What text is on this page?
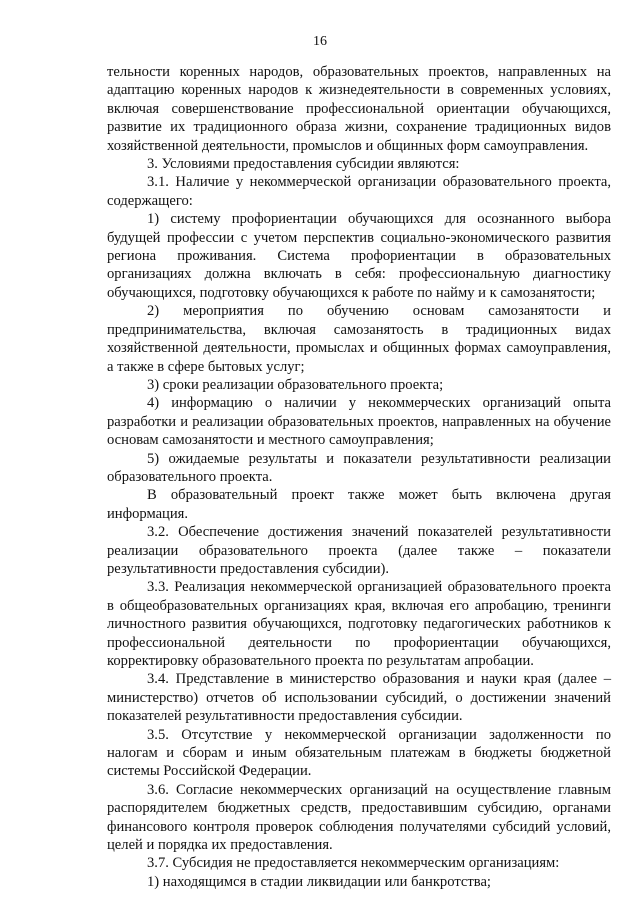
16

тельности коренных народов, образовательных проектов, направленных на адаптацию коренных народов к жизнедеятельности в современных условиях, включая совершенствование профессиональной ориентации обучающихся, развитие их традиционного образа жизни, сохранение традиционных видов хозяйственной деятельности, промыслов и общинных форм самоуправления.

3. Условиями предоставления субсидии являются:

3.1. Наличие у некоммерческой организации образовательного проекта, содержащего:

1) систему профориентации обучающихся для осознанного выбора будущей профессии с учетом перспектив социально-экономического развития региона проживания. Система профориентации в образовательных организациях должна включать в себя: профессиональную диагностику обучающихся, подготовку обучающихся к работе по найму и к самозанятости;

2) мероприятия по обучению основам самозанятости и предпринимательства, включая самозанятость в традиционных видах хозяйственной деятельности, промыслах и общинных формах самоуправления, а также в сфере бытовых услуг;

3) сроки реализации образовательного проекта;

4) информацию о наличии у некоммерческих организаций опыта разработки и реализации образовательных проектов, направленных на обучение основам самозанятости и местного самоуправления;

5) ожидаемые результаты и показатели результативности реализации образовательного проекта.

В образовательный проект также может быть включена другая информация.

3.2. Обеспечение достижения значений показателей результативности реализации образовательного проекта (далее также – показатели результативности предоставления субсидии).

3.3. Реализация некоммерческой организацией образовательного проекта в общеобразовательных организациях края, включая его апробацию, тренинги личностного развития обучающихся, подготовку педагогических работников к профессиональной деятельности по профориентации обучающихся, корректировку образовательного проекта по результатам апробации.

3.4. Представление в министерство образования и науки края (далее – министерство) отчетов об использовании субсидий, о достижении значений показателей результативности предоставления субсидии.

3.5. Отсутствие у некоммерческой организации задолженности по налогам и сборам и иным обязательным платежам в бюджеты бюджетной системы Российской Федерации.

3.6. Согласие некоммерческих организаций на осуществление главным распорядителем бюджетных средств, предоставившим субсидию, органами финансового контроля проверок соблюдения получателями субсидий условий, целей и порядка их предоставления.

3.7. Субсидия не предоставляется некоммерческим организациям:

1) находящимся в стадии ликвидации или банкротства;
